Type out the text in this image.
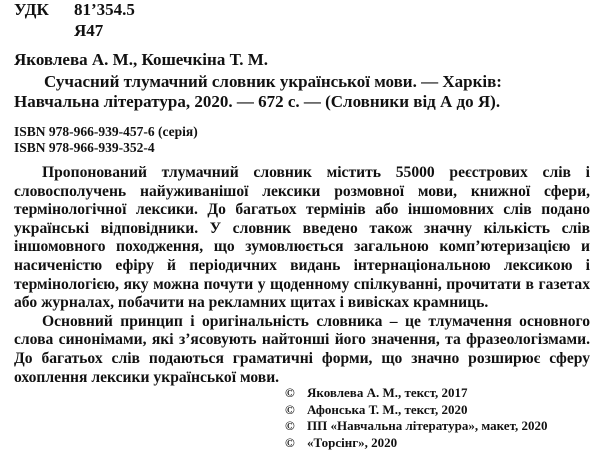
УДК 81’354.5
Я47
Яковлева А. М., Кошечкіна Т. М.
Сучасний тлумачний словник української мови. — Харків:
Навчальна література, 2020. — 672 с. — (Словники від А до Я).
ISBN 978-966-939-457-6 (серія)
ISBN 978-966-939-352-4

Пропонований тлумачний словник містить 55000 реєстрових слів і словосполучень найуживанішої лексики розмовної мови, книжної сфери, термінологічної лексики. До багатьох термінів або іншомовних слів подано українські відповідники. У словник введено також значну кількість слів іншомовного походження, що зумовлюється загальною комп’ютеризацією и насиченістю ефіру й періодичних видань інтернаціональною лексикою і термінологією, яку можна почути у щоденному спілкуванні, прочитати в газетах або журналах, побачити на рекламних щитах і вивісках крамниць.

Основний принцип і оригінальність словника – це тлумачення основного слова синонімами, які з’ясовують найтонші його значення, та фразеологізмами. До багатьох слів подаються граматичні форми, що значно розширює сферу охоплення лексики української мови.

© Яковлева А. М., текст, 2017
© Афонська Т. М., текст, 2020
© ПП «Навчальна література», макет, 2020
© «Торсінг», 2020
